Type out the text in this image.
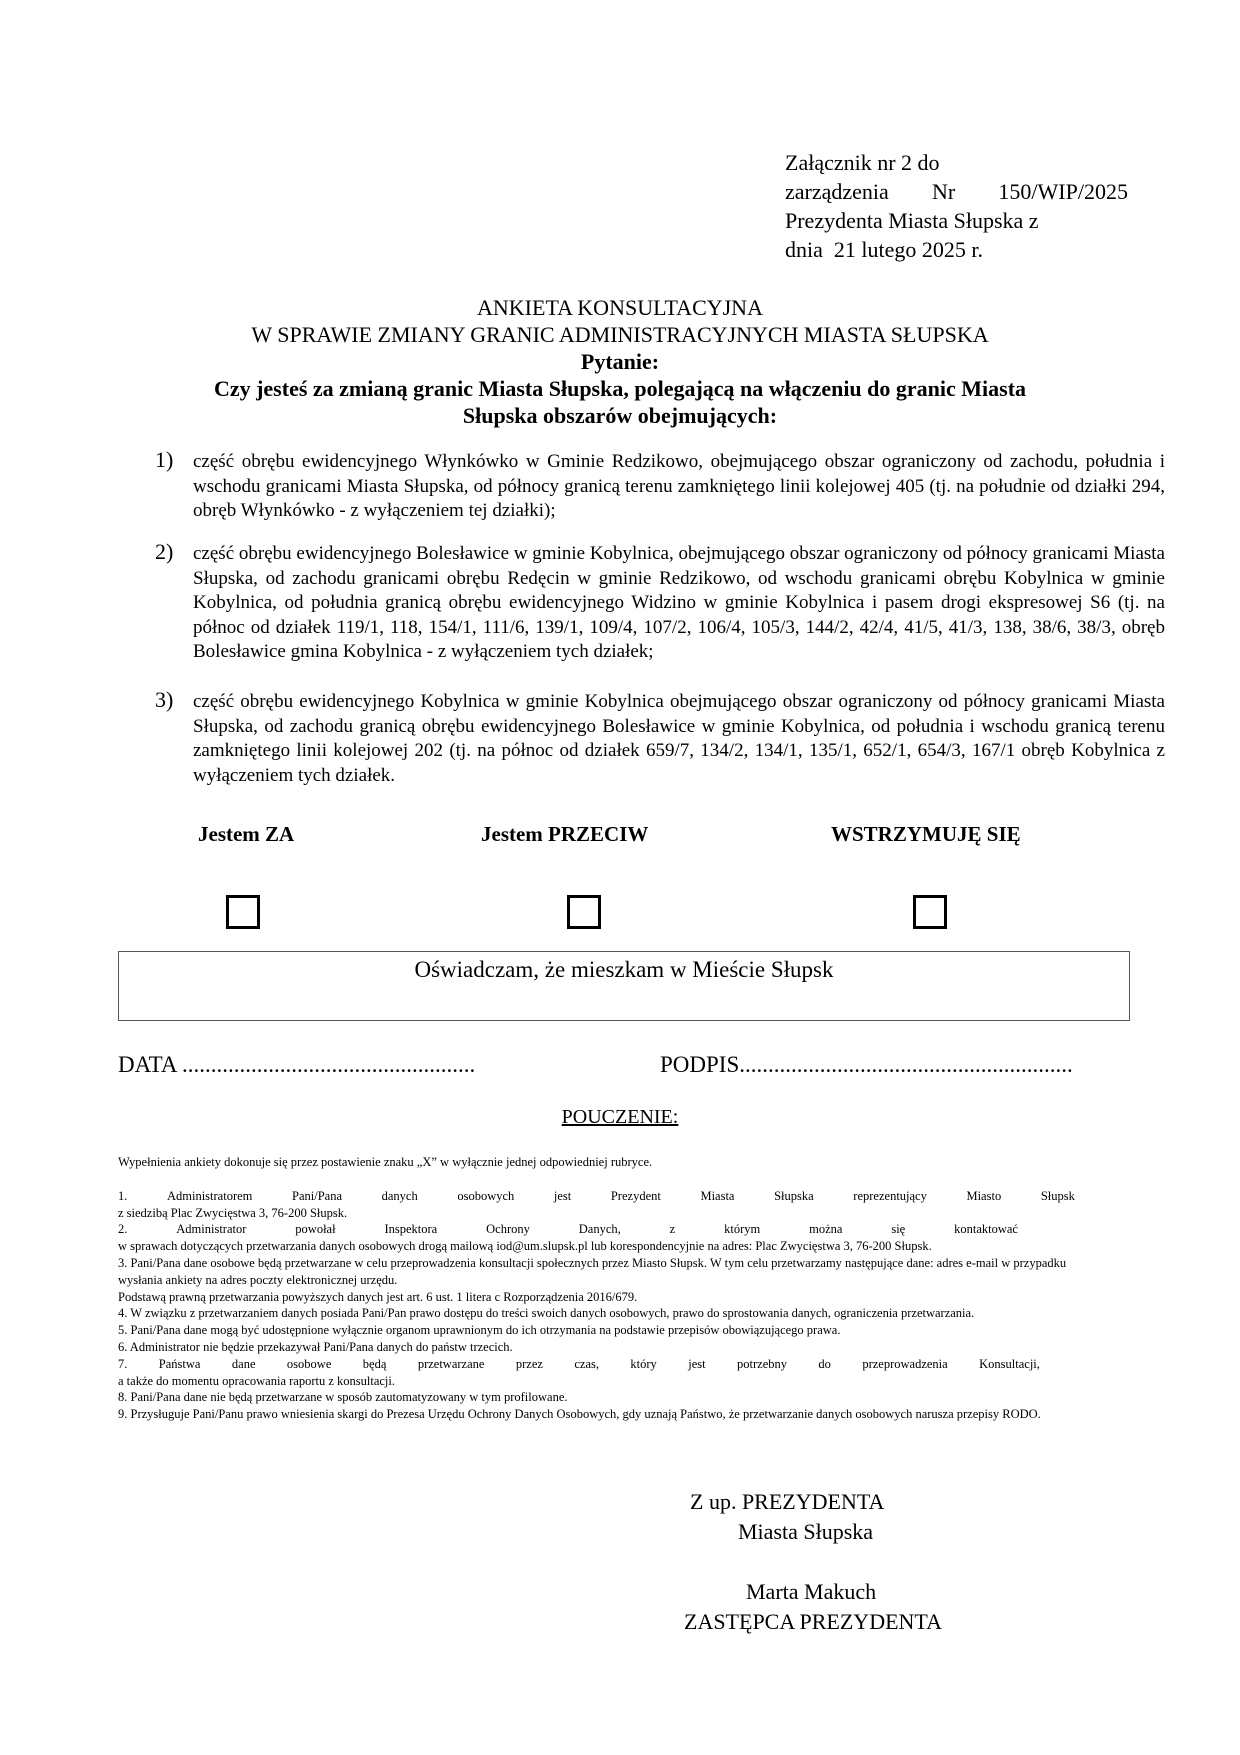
Załącznik nr 2 do
zarządzenia Nr 150/WIP/2025
Prezydenta Miasta Słupska z
dnia  21 lutego 2025 r.
ANKIETA KONSULTACYJNA
W SPRAWIE ZMIANY GRANIC ADMINISTRACYJNYCH MIASTA SŁUPSKA
Pytanie:
Czy jesteś za zmianą granic Miasta Słupska, polegającą na włączeniu do granic Miasta
Słupska obszarów obejmujących:
1) część obrębu ewidencyjnego Włynkówko w Gminie Redzikowo, obejmującego obszar ograniczony od zachodu, południa i wschodu granicami Miasta Słupska, od północy granicą terenu zamkniętego linii kolejowej 405 (tj. na południe od działki 294, obręb Włynkówko - z wyłączeniem tej działki);
2) część obrębu ewidencyjnego Bolesławice w gminie Kobylnica, obejmującego obszar ograniczony od północy granicami Miasta Słupska, od zachodu granicami obrębu Redęcin w gminie Redzikowo, od wschodu granicami obrębu Kobylnica w gminie Kobylnica, od południa granicą obrębu ewidencyjnego Widzino w gminie Kobylnica i pasem drogi ekspresowej S6 (tj. na północ od działek 119/1, 118, 154/1, 111/6, 139/1, 109/4, 107/2, 106/4, 105/3, 144/2, 42/4, 41/5, 41/3, 138, 38/6, 38/3, obręb Bolesławice gmina Kobylnica - z wyłączeniem tych działek;
3) część obrębu ewidencyjnego Kobylnica w gminie Kobylnica obejmującego obszar ograniczony od północy granicami Miasta Słupska, od zachodu granicą obrębu ewidencyjnego Bolesławice w gminie Kobylnica, od południa i wschodu granicą terenu zamkniętego linii kolejowej 202 (tj. na północ od działek 659/7, 134/2, 134/1, 135/1, 652/1, 654/3, 167/1 obręb Kobylnica z wyłączeniem tych działek.
Jestem ZA	Jestem PRZECIW	WSTRZYMUJĘ SIĘ
Oświadczam, że mieszkam w Mieście Słupsk
DATA ...................................................	PODPIS..........................................................
POUCZENIE:
Wypełnienia ankiety dokonuje się przez postawienie znaku „X” w wyłącznie jednej odpowiedniej rubryce.
1.	Administratorem	Pani/Pana	danych	osobowych	jest	Prezydent	Miasta	Słupska	reprezentujący	Miasto	Słupsk
z siedzibą Plac Zwycięstwa 3, 76-200 Słupsk.
2.	Administrator	powołał	Inspektora	Ochrony	Danych,	z	którym	można	się	kontaktować
w sprawach dotyczących przetwarzania danych osobowych drogą mailową iod@um.slupsk.pl lub korespondencyjnie na adres: Plac Zwycięstwa 3, 76-200 Słupsk.
3. Pani/Pana dane osobowe będą przetwarzane w celu przeprowadzenia konsultacji społecznych przez Miasto Słupsk. W tym celu przetwarzamy następujące dane: adres e-mail w przypadku wysłania ankiety na adres poczty elektronicznej urzędu.
Podstawą prawną przetwarzania powyższych danych jest art. 6 ust. 1 litera c Rozporządzenia 2016/679.
4. W związku z przetwarzaniem danych posiada Pani/Pan prawo dostępu do treści swoich danych osobowych, prawo do sprostowania danych, ograniczenia przetwarzania.
5. Pani/Pana dane mogą być udostępnione wyłącznie organom uprawnionym do ich otrzymania na podstawie przepisów obowiązującego prawa.
6. Administrator nie będzie przekazywał Pani/Pana danych do państw trzecich.
7.	Państwa	dane	osobowe	będą	przetwarzane	przez	czas,	który	jest	potrzebny	do	przeprowadzenia	Konsultacji,
a także do momentu opracowania raportu z konsultacji.
8. Pani/Pana dane nie będą przetwarzane w sposób zautomatyzowany w tym profilowane.
9. Przysługuje Pani/Panu prawo wniesienia skargi do Prezesa Urzędu Ochrony Danych Osobowych, gdy uznają Państwo, że przetwarzanie danych osobowych narusza przepisy RODO.
Z up. PREZYDENTA
Miasta Słupska
Marta Makuch
ZASTĘPCA PREZYDENTA
